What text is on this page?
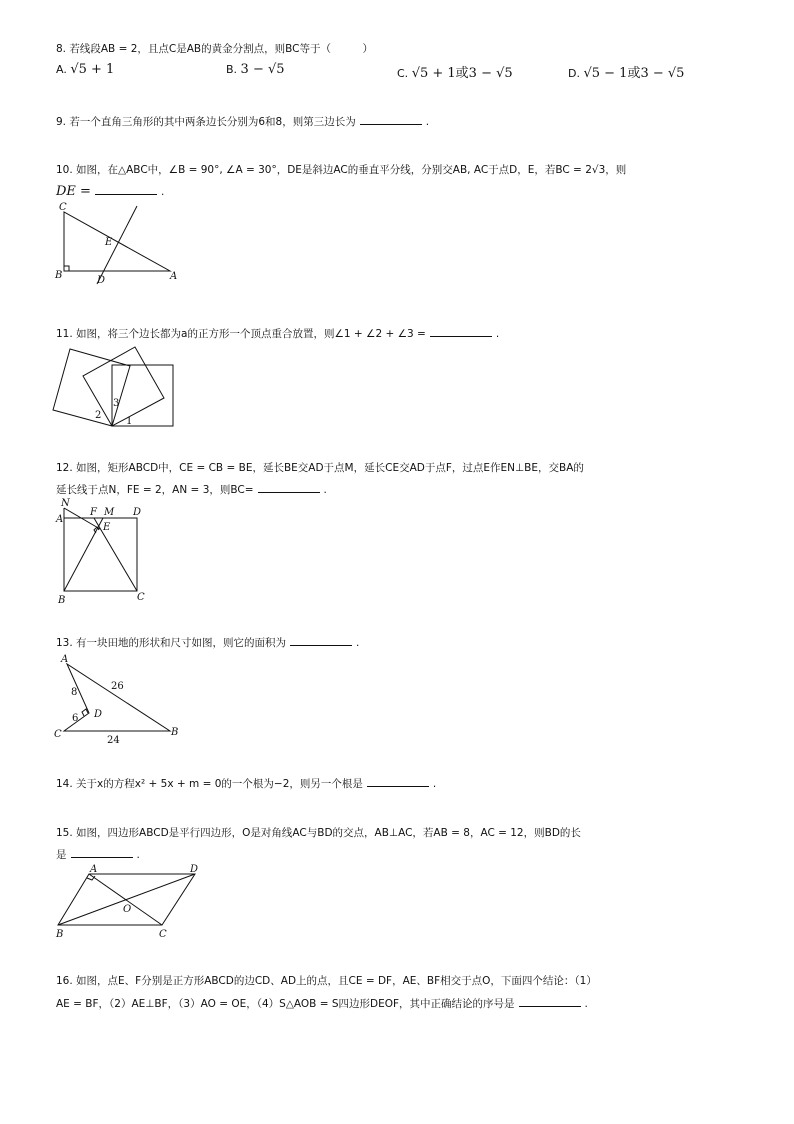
8. 若线段AB = 2，且点C是AB的黄金分割点，则BC等于（　　　）
A. √5 + 1	B. 3 − √5	C. √5 + 1或3 − √5	D. √5 − 1或3 − √5
9. 若一个直角三角形的其中两条边长分别为6和8，则第三边长为	.
10. 如图，在△ABC中，∠B = 90°, ∠A = 30°，DE是斜边AC的垂直平分线，分别交AB, AC于点D，E，若BC = 2√3，则
DE =	.
C
E
B	D	A
11. 如图，将三个边长都为a的正方形一个顶点重合放置，则∠1 + ∠2 + ∠3 =	.
2
3
1
12. 如图，矩形ABCD中，CE = CB = BE，延长BE交AD于点M，延长CE交AD于点F，过点E作EN⊥BE，交BA的
延长线于点N，FE = 2，AN = 3，则BC=	.
N
A
F M D
E
B	C
13. 有一块田地的形状和尺寸如图，则它的面积为	.
A
8
26
D
6
C
24
B
14. 关于x的方程x² + 5x + m = 0的一个根为−2，则另一个根是	.
15. 如图，四边形ABCD是平行四边形，O是对角线AC与BD的交点，AB⊥AC，若AB = 8，AC = 12，则BD的长
是	.
A	D
O
B	C
16. 如图，点E、F分别是正方形ABCD的边CD、AD上的点，且CE = DF，AE、BF相交于点O，下面四个结论：（1）
AE = BF，（2）AE⊥BF，（3）AO = OE，（4）S△AOB = S四边形DEOF，其中正确结论的序号是	.
